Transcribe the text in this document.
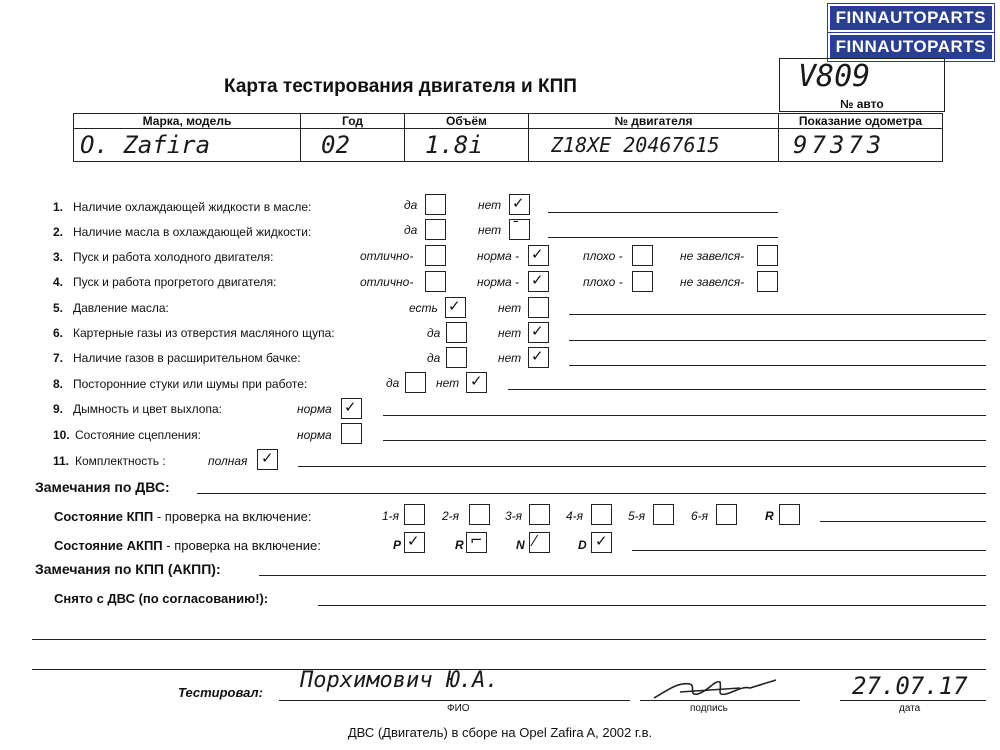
FINNAUTOPARTS
FINNAUTOPARTS
Карта тестирования двигателя и КПП	V809
№ авто
Марка, модель	Год	Объём	№ двигателя	Показание одометра
O. Zafira	02	1.8i	Z18XE 20467615	97373
1. Наличие охлаждающей жидкости в масле:	да	нет ✓
2. Наличие масла в охлаждающей жидкости:	да	нет ˉ
3. Пуск и работа холодного двигателя:	отлично-	норма - ✓	плохо -	не завелся-
4. Пуск и работа прогретого двигателя:	отлично-	норма - ✓	плохо -	не завелся-
5. Давление масла:	есть ✓	нет
6. Картерные газы из отверстия масляного щупа:	да	нет ✓
7. Наличие газов в расширительном бачке:	да	нет ✓
8. Посторонние стуки или шумы при работе:	да	нет ✓
9. Дымность и цвет выхлопа:	норма ✓
10. Состояние сцепления:	норма
11. Комплектность :	полная ✓
Замечания по ДВС:
Состояние КПП - проверка на включение:	1-я	2-я	3-я	4-я	5-я	6-я	R
Состояние АКПП - проверка на включение:	P ✓	R ⌐	N ⁄	D ✓
Замечания по КПП (АКПП):
Снято с ДВС (по согласованию!):
Тестировал: Порхимович Ю.А.
ФИО	подпись
27.07.17
дата
ДВС (Двигатель) в сборе на Opel Zafira A, 2002 г.в.
